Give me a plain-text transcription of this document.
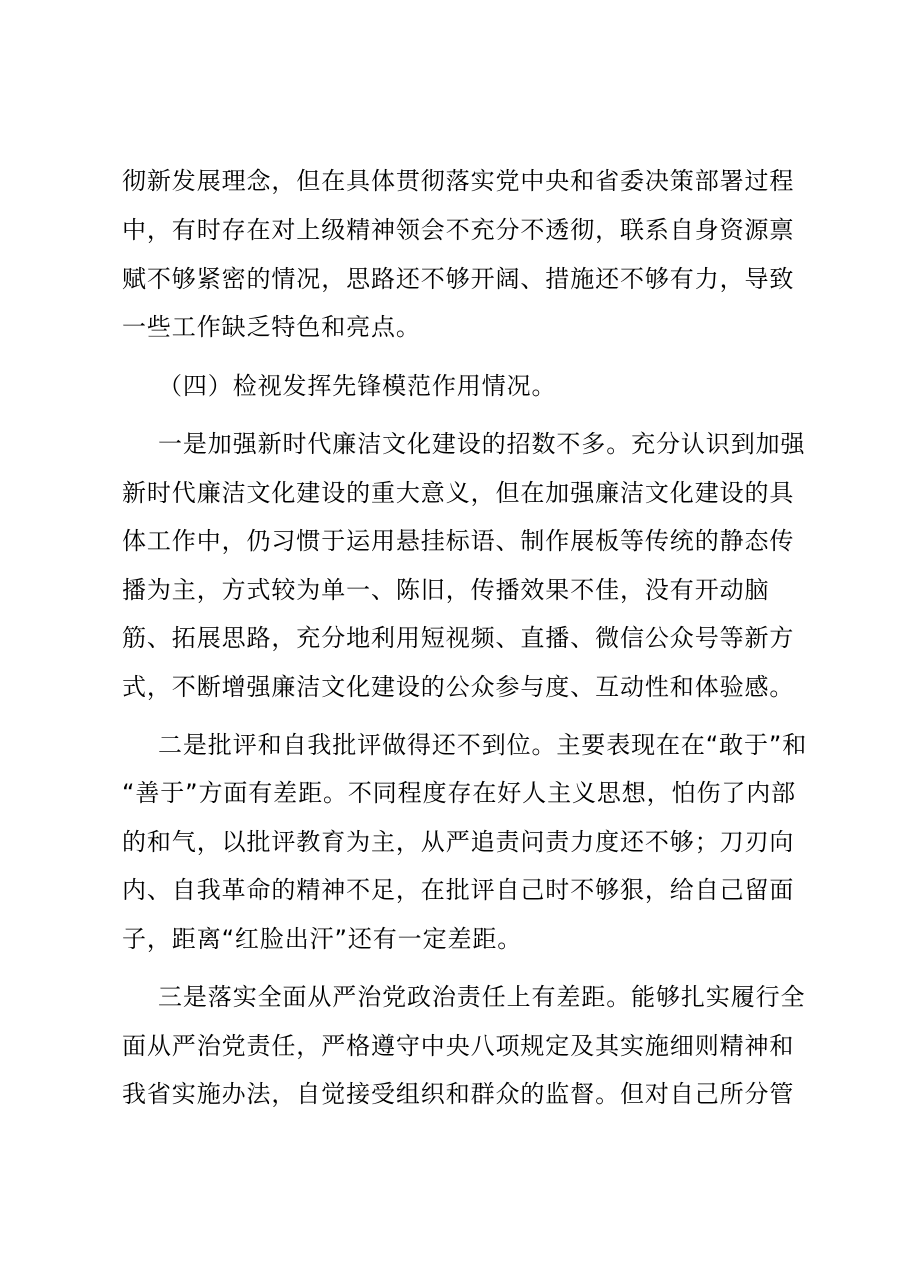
彻新发展理念，但在具体贯彻落实党中央和省委决策部署过程
中，有时存在对上级精神领会不充分不透彻，联系自身资源禀
赋不够紧密的情况，思路还不够开阔、措施还不够有力，导致
一些工作缺乏特色和亮点。
（四）检视发挥先锋模范作用情况。
一是加强新时代廉洁文化建设的招数不多。充分认识到加强
新时代廉洁文化建设的重大意义，但在加强廉洁文化建设的具
体工作中，仍习惯于运用悬挂标语、制作展板等传统的静态传
播为主，方式较为单一、陈旧，传播效果不佳，没有开动脑
筋、拓展思路，充分地利用短视频、直播、微信公众号等新方
式，不断增强廉洁文化建设的公众参与度、互动性和体验感。
二是批评和自我批评做得还不到位。主要表现在在“敢于”和
“善于”方面有差距。不同程度存在好人主义思想，怕伤了内部
的和气，以批评教育为主，从严追责问责力度还不够；刀刃向
内、自我革命的精神不足，在批评自己时不够狠，给自己留面
子，距离“红脸出汗”还有一定差距。
三是落实全面从严治党政治责任上有差距。能够扎实履行全
面从严治党责任，严格遵守中央八项规定及其实施细则精神和
我省实施办法，自觉接受组织和群众的监督。但对自己所分管
